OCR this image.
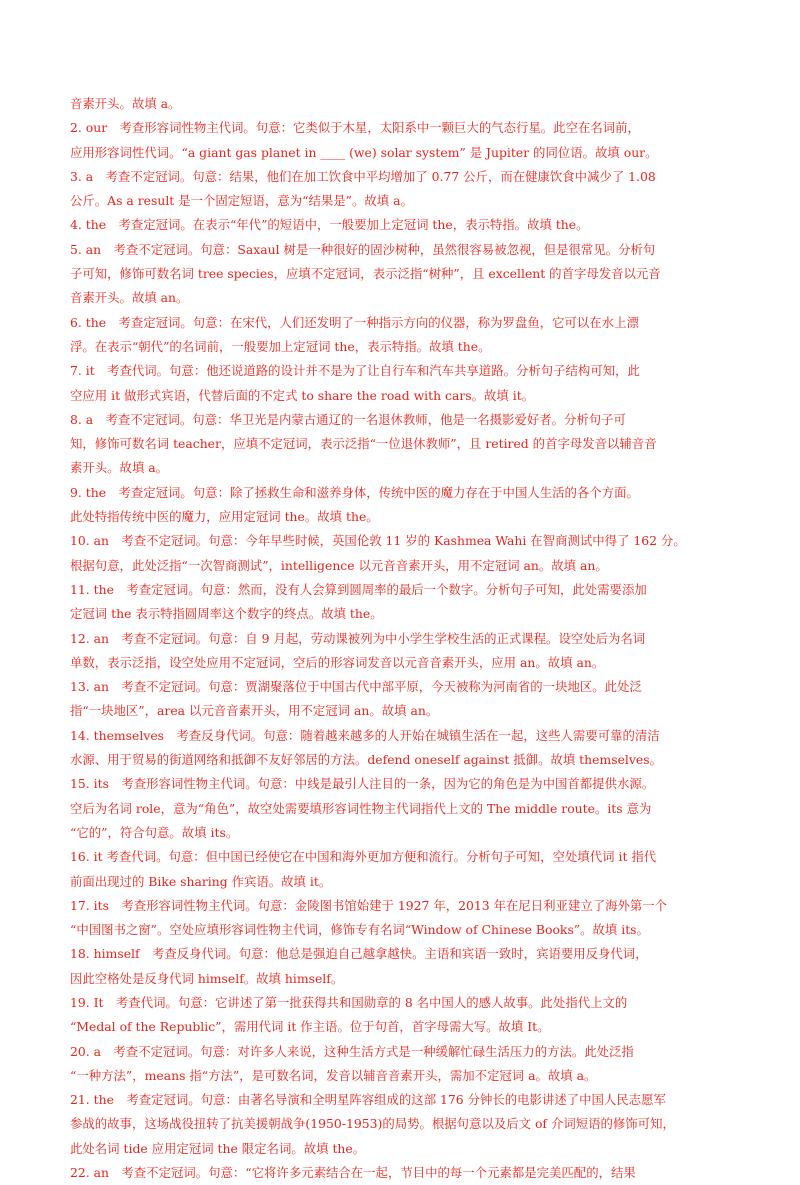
音素开头。故填 a。
2. our　考查形容词性物主代词。句意：它类似于木星，太阳系中一颗巨大的气态行星。此空在名词前，
应用形容词性代词。“a giant gas planet in ____ (we) solar system” 是 Jupiter 的同位语。故填 our。
3. a　考查不定冠词。句意：结果，他们在加工饮食中平均增加了 0.77 公斤，而在健康饮食中减少了 1.08
公斤。As a result 是一个固定短语，意为“结果是”。故填 a。
4. the　考查定冠词。在表示“年代”的短语中，一般要加上定冠词 the，表示特指。故填 the。
5. an　考查不定冠词。句意：Saxaul 树是一种很好的固沙树种，虽然很容易被忽视，但是很常见。分析句
子可知，修饰可数名词 tree species，应填不定冠词，表示泛指“树种”，且 excellent 的首字母发音以元音
音素开头。故填 an。
6. the　考查定冠词。句意：在宋代，人们还发明了一种指示方向的仪器，称为罗盘鱼，它可以在水上漂
浮。在表示“朝代”的名词前，一般要加上定冠词 the，表示特指。故填 the。
7. it　考查代词。句意：他还说道路的设计并不是为了让自行车和汽车共享道路。分析句子结构可知，此
空应用 it 做形式宾语，代替后面的不定式 to share the road with cars。故填 it。
8. a　考查不定冠词。句意：华卫光是内蒙古通辽的一名退休教师，他是一名摄影爱好者。分析句子可
知，修饰可数名词 teacher，应填不定冠词，表示泛指“一位退休教师”，且 retired 的首字母发音以辅音音
素开头。故填 a。
9. the　考查定冠词。句意：除了拯救生命和滋养身体，传统中医的魔力存在于中国人生活的各个方面。
此处特指传统中医的魔力，应用定冠词 the。故填 the。
10. an　考查不定冠词。句意：今年早些时候，英国伦敦 11 岁的 Kashmea Wahi 在智商测试中得了 162 分。
根据句意，此处泛指“一次智商测试”，intelligence 以元音音素开头，用不定冠词 an。故填 an。
11. the　考查定冠词。句意：然而，没有人会算到圆周率的最后一个数字。分析句子可知，此处需要添加
定冠词 the 表示特指圆周率这个数字的终点。故填 the。
12. an　考查不定冠词。句意：自 9 月起，劳动课被列为中小学生学校生活的正式课程。设空处后为名词
单数，表示泛指，设空处应用不定冠词，空后的形容词发音以元音音素开头，应用 an。故填 an。
13. an　考查不定冠词。句意：贾湖聚落位于中国古代中部平原，今天被称为河南省的一块地区。此处泛
指“一块地区”，area 以元音音素开头，用不定冠词 an。故填 an。
14. themselves　考查反身代词。句意：随着越来越多的人开始在城镇生活在一起，这些人需要可靠的清洁
水源、用于贸易的街道网络和抵御不友好邻居的方法。defend oneself against 抵御。故填 themselves。
15. its　考查形容词性物主代词。句意：中线是最引人注目的一条，因为它的角色是为中国首都提供水源。
空后为名词 role，意为“角色”，故空处需要填形容词性物主代词指代上文的 The middle route。its 意为
“它的”，符合句意。故填 its。
16. it 考查代词。句意：但中国已经使它在中国和海外更加方便和流行。分析句子可知，空处填代词 it 指代
前面出现过的 Bike sharing 作宾语。故填 it。
17. its　考查形容词性物主代词。句意：金陵图书馆始建于 1927 年，2013 年在尼日利亚建立了海外第一个
“中国图书之窗”。空处应填形容词性物主代词，修饰专有名词“Window of Chinese Books”。故填 its。
18. himself　考查反身代词。句意：他总是强迫自己越拿越快。主语和宾语一致时，宾语要用反身代词，
因此空格处是反身代词 himself。故填 himself。
19. It　考查代词。句意：它讲述了第一批获得共和国勋章的 8 名中国人的感人故事。此处指代上文的
“Medal of the Republic”，需用代词 it 作主语。位于句首，首字母需大写。故填 It。
20. a　考查不定冠词。句意：对许多人来说，这种生活方式是一种缓解忙碌生活压力的方法。此处泛指
“一种方法”，means 指“方法”，是可数名词，发音以辅音音素开头，需加不定冠词 a。故填 a。
21. the　考查定冠词。句意：由著名导演和全明星阵容组成的这部 176 分钟长的电影讲述了中国人民志愿军
参战的故事，这场战役扭转了抗美援朝战争(1950-1953)的局势。根据句意以及后文 of 介词短语的修饰可知，
此处名词 tide 应用定冠词 the 限定名词。故填 the。
22. an　考查不定冠词。句意：“它将许多元素结合在一起，节目中的每一个元素都是完美匹配的，结果
